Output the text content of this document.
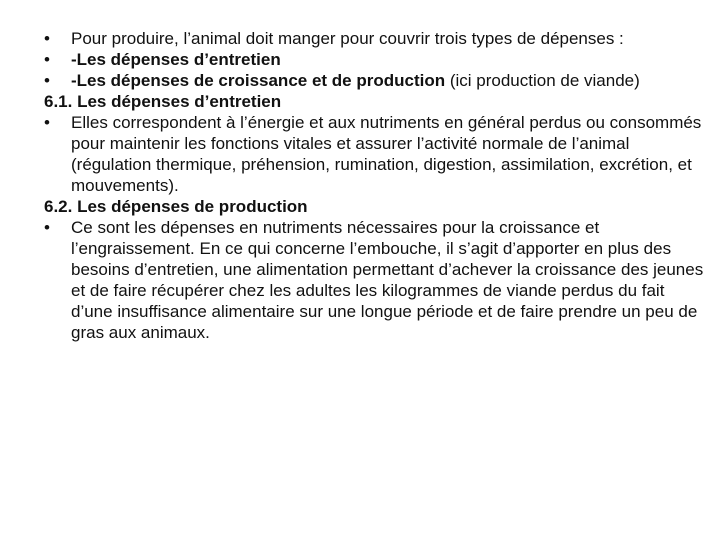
• Pour produire, l’animal doit manger pour couvrir trois types de dépenses :

• -Les dépenses d’entretien

• -Les dépenses de croissance et de production (ici production de viande)

6.1. Les dépenses d’entretien

• Elles correspondent à l’énergie et aux nutriments en général perdus ou consommés pour maintenir les fonctions vitales et assurer l’activité normale de l’animal (régulation thermique, préhension, rumination, digestion, assimilation, excrétion, et mouvements).

6.2. Les dépenses de production

• Ce sont les dépenses en nutriments nécessaires pour la croissance et l’engraissement. En ce qui concerne l’embouche, il s’agit d’apporter en plus des besoins d’entretien, une alimentation permettant d’achever la croissance des jeunes et de faire récupérer chez les adultes les kilogrammes de viande perdus du fait d’une insuffisance alimentaire sur une longue période et de faire prendre un peu de gras aux animaux.
